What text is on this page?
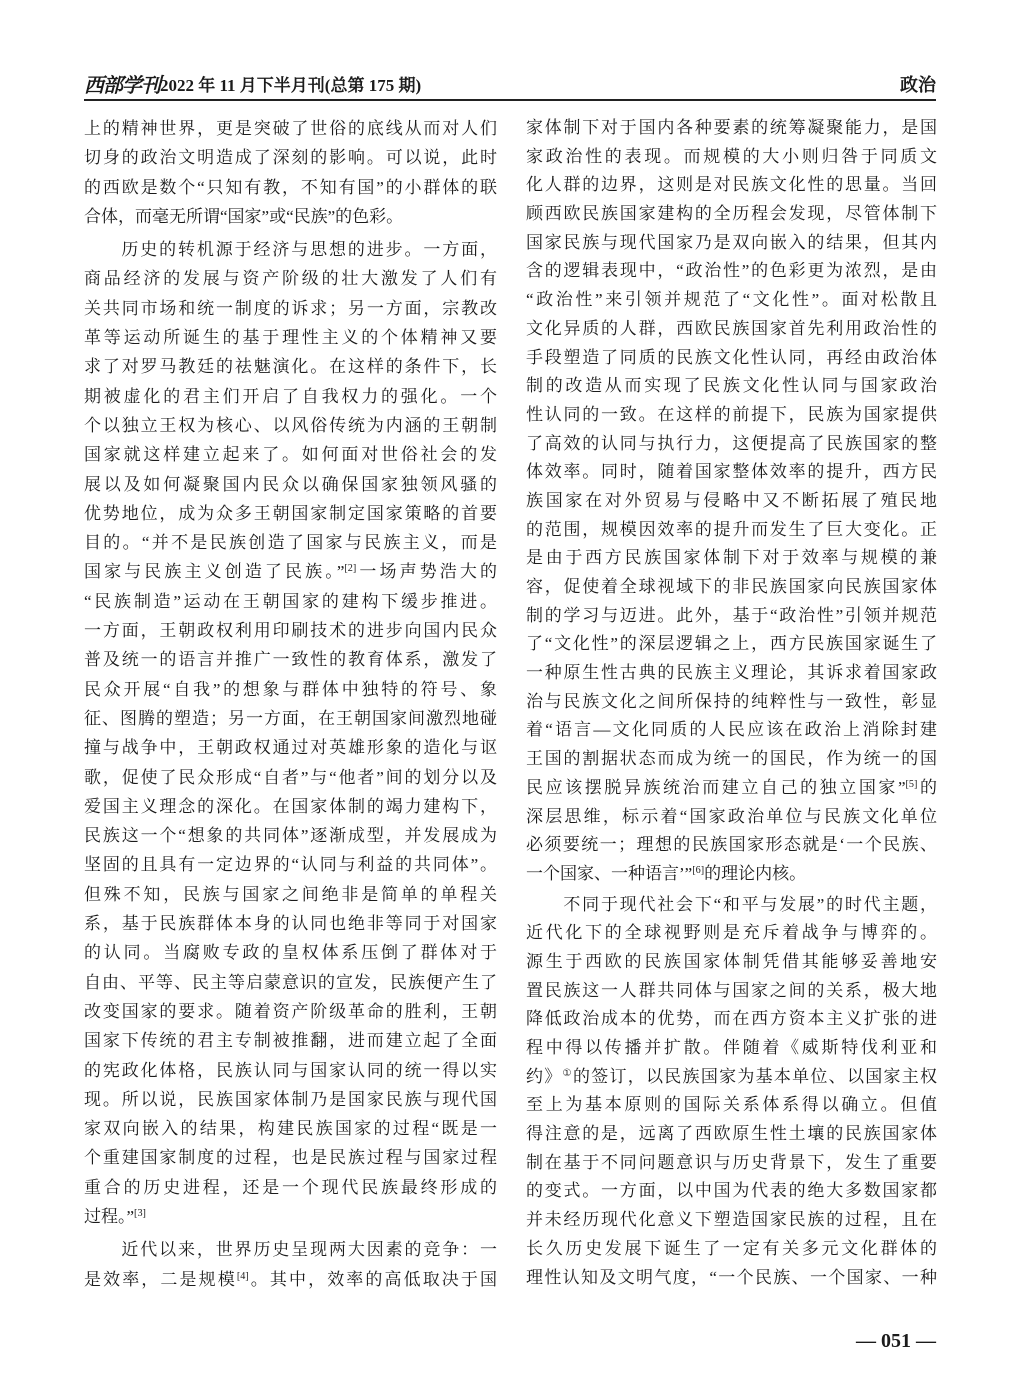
西部学刊 2022 年 11 月下半月刊(总第 175 期)	政治
上的精神世界，更是突破了世俗的底线从而对人们
切身的政治文明造成了深刻的影响。可以说，此时
的西欧是数个“只知有教，不知有国”的小群体的联
合体，而毫无所谓“国家”或“民族”的色彩。
历史的转机源于经济与思想的进步。一方面，
商品经济的发展与资产阶级的壮大激发了人们有
关共同市场和统一制度的诉求；另一方面，宗教改
革等运动所诞生的基于理性主义的个体精神又要
求了对罗马教廷的祛魅演化。在这样的条件下，长
期被虚化的君主们开启了自我权力的强化。一个
个以独立王权为核心、以风俗传统为内涵的王朝制
国家就这样建立起来了。如何面对世俗社会的发
展以及如何凝聚国内民众以确保国家独领风骚的
优势地位，成为众多王朝国家制定国家策略的首要
目的。“并不是民族创造了国家与民族主义，而是
国家与民族主义创造了民族。”[2]一场声势浩大的
“民族制造”运动在王朝国家的建构下缓步推进。
一方面，王朝政权利用印刷技术的进步向国内民众
普及统一的语言并推广一致性的教育体系，激发了
民众开展“自我”的想象与群体中独特的符号、象
征、图腾的塑造；另一方面，在王朝国家间激烈地碰
撞与战争中，王朝政权通过对英雄形象的造化与讴
歌，促使了民众形成“自者”与“他者”间的划分以及
爱国主义理念的深化。在国家体制的竭力建构下，
民族这一个“想象的共同体”逐渐成型，并发展成为
坚固的且具有一定边界的“认同与利益的共同体”。
但殊不知，民族与国家之间绝非是简单的单程关
系，基于民族群体本身的认同也绝非等同于对国家
的认同。当腐败专政的皇权体系压倒了群体对于
自由、平等、民主等启蒙意识的宣发，民族便产生了
改变国家的要求。随着资产阶级革命的胜利，王朝
国家下传统的君主专制被推翻，进而建立起了全面
的宪政化体格，民族认同与国家认同的统一得以实
现。所以说，民族国家体制乃是国家民族与现代国
家双向嵌入的结果，构建民族国家的过程“既是一
个重建国家制度的过程，也是民族过程与国家过程
重合的历史进程，还是一个现代民族最终形成的
过程。”[3]
近代以来，世界历史呈现两大因素的竞争：一
是效率，二是规模[4]。其中，效率的高低取决于国
家体制下对于国内各种要素的统筹凝聚能力，是国
家政治性的表现。而规模的大小则归咎于同质文
化人群的边界，这则是对民族文化性的思量。当回
顾西欧民族国家建构的全历程会发现，尽管体制下
国家民族与现代国家乃是双向嵌入的结果，但其内
含的逻辑表现中，“政治性”的色彩更为浓烈，是由
“政治性”来引领并规范了“文化性”。面对松散且
文化异质的人群，西欧民族国家首先利用政治性的
手段塑造了同质的民族文化性认同，再经由政治体
制的改造从而实现了民族文化性认同与国家政治
性认同的一致。在这样的前提下，民族为国家提供
了高效的认同与执行力，这便提高了民族国家的整
体效率。同时，随着国家整体效率的提升，西方民
族国家在对外贸易与侵略中又不断拓展了殖民地
的范围，规模因效率的提升而发生了巨大变化。正
是由于西方民族国家体制下对于效率与规模的兼
容，促使着全球视域下的非民族国家向民族国家体
制的学习与迈进。此外，基于“政治性”引领并规范
了“文化性”的深层逻辑之上，西方民族国家诞生了
一种原生性古典的民族主义理论，其诉求着国家政
治与民族文化之间所保持的纯粹性与一致性，彰显
着“语言—文化同质的人民应该在政治上消除封建
王国的割据状态而成为统一的国民，作为统一的国
民应该摆脱异族统治而建立自己的独立国家”[5]的
深层思维，标示着“国家政治单位与民族文化单位
必须要统一；理想的民族国家形态就是‘一个民族、
一个国家、一种语言’”[6]的理论内核。
不同于现代社会下“和平与发展”的时代主题，
近代化下的全球视野则是充斥着战争与博弈的。
源生于西欧的民族国家体制凭借其能够妥善地安
置民族这一人群共同体与国家之间的关系，极大地
降低政治成本的优势，而在西方资本主义扩张的进
程中得以传播并扩散。伴随着《威斯特伐利亚和
约》①的签订，以民族国家为基本单位、以国家主权
至上为基本原则的国际关系体系得以确立。但值
得注意的是，远离了西欧原生性土壤的民族国家体
制在基于不同问题意识与历史背景下，发生了重要
的变式。一方面，以中国为代表的绝大多数国家都
并未经历现代化意义下塑造国家民族的过程，且在
长久历史发展下诞生了一定有关多元文化群体的
理性认知及文明气度，“一个民族、一个国家、一种
— 051 —
